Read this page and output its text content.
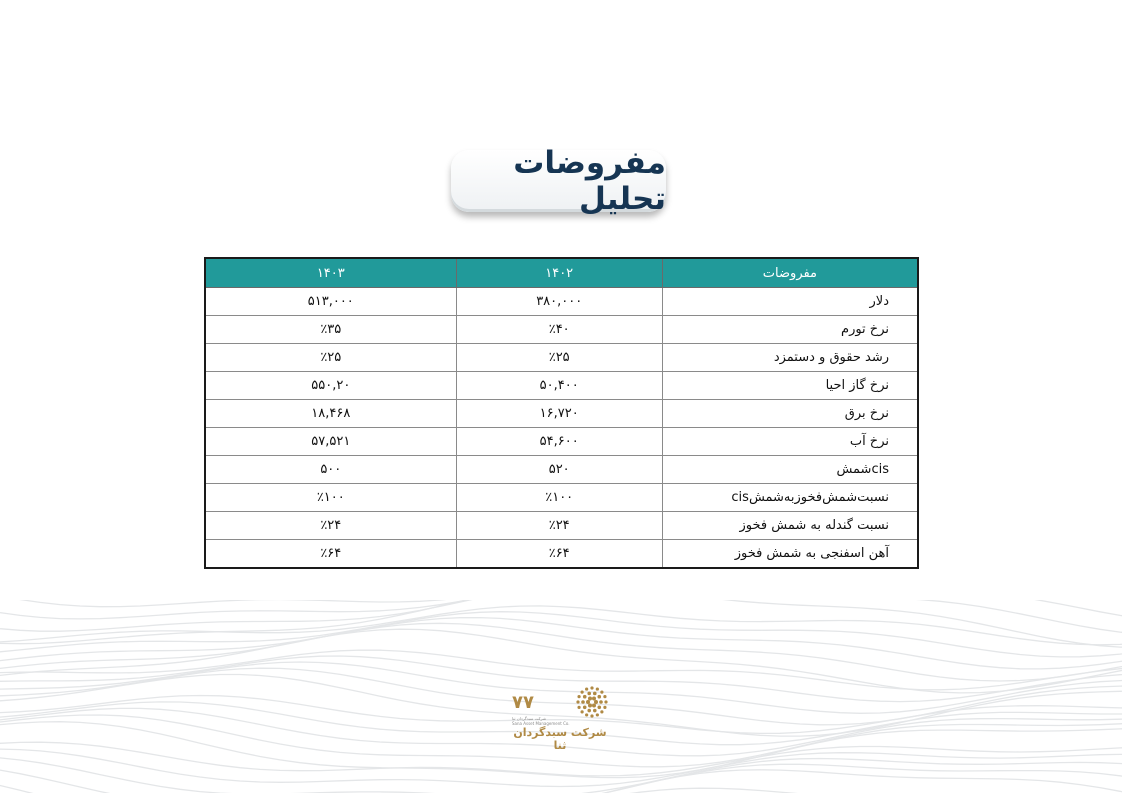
مفروضات تحلیل
مفروضات	۱۴۰۲	۱۴۰۳
دلار	۳۸۰,۰۰۰	۵۱۳,۰۰۰
نرخ تورم	٪۴۰	٪۳۵
رشد حقوق و دستمزد	٪۲۵	٪۲۵
نرخ گاز احیا	۵۰,۴۰۰	۵۵۰,۲۰
نرخ برق	۱۶,۷۲۰	۱۸,۴۶۸
نرخ آب	۵۴,۶۰۰	۵۷,۵۲۱
cisشمش	۵۲۰	۵۰۰
نسبت‌شمش‌فخوزبه‌شمشcis	٪۱۰۰	٪۱۰۰
نسبت گندله به شمش فخوز	٪۲۴	٪۲۴
آهن اسفنجی به شمش فخوز	٪۶۴	٪۶۴
۷۷
شرکت سبدگردان ثنا
Sana Asset Management Co.
شرکت سبدگردان ثنا
